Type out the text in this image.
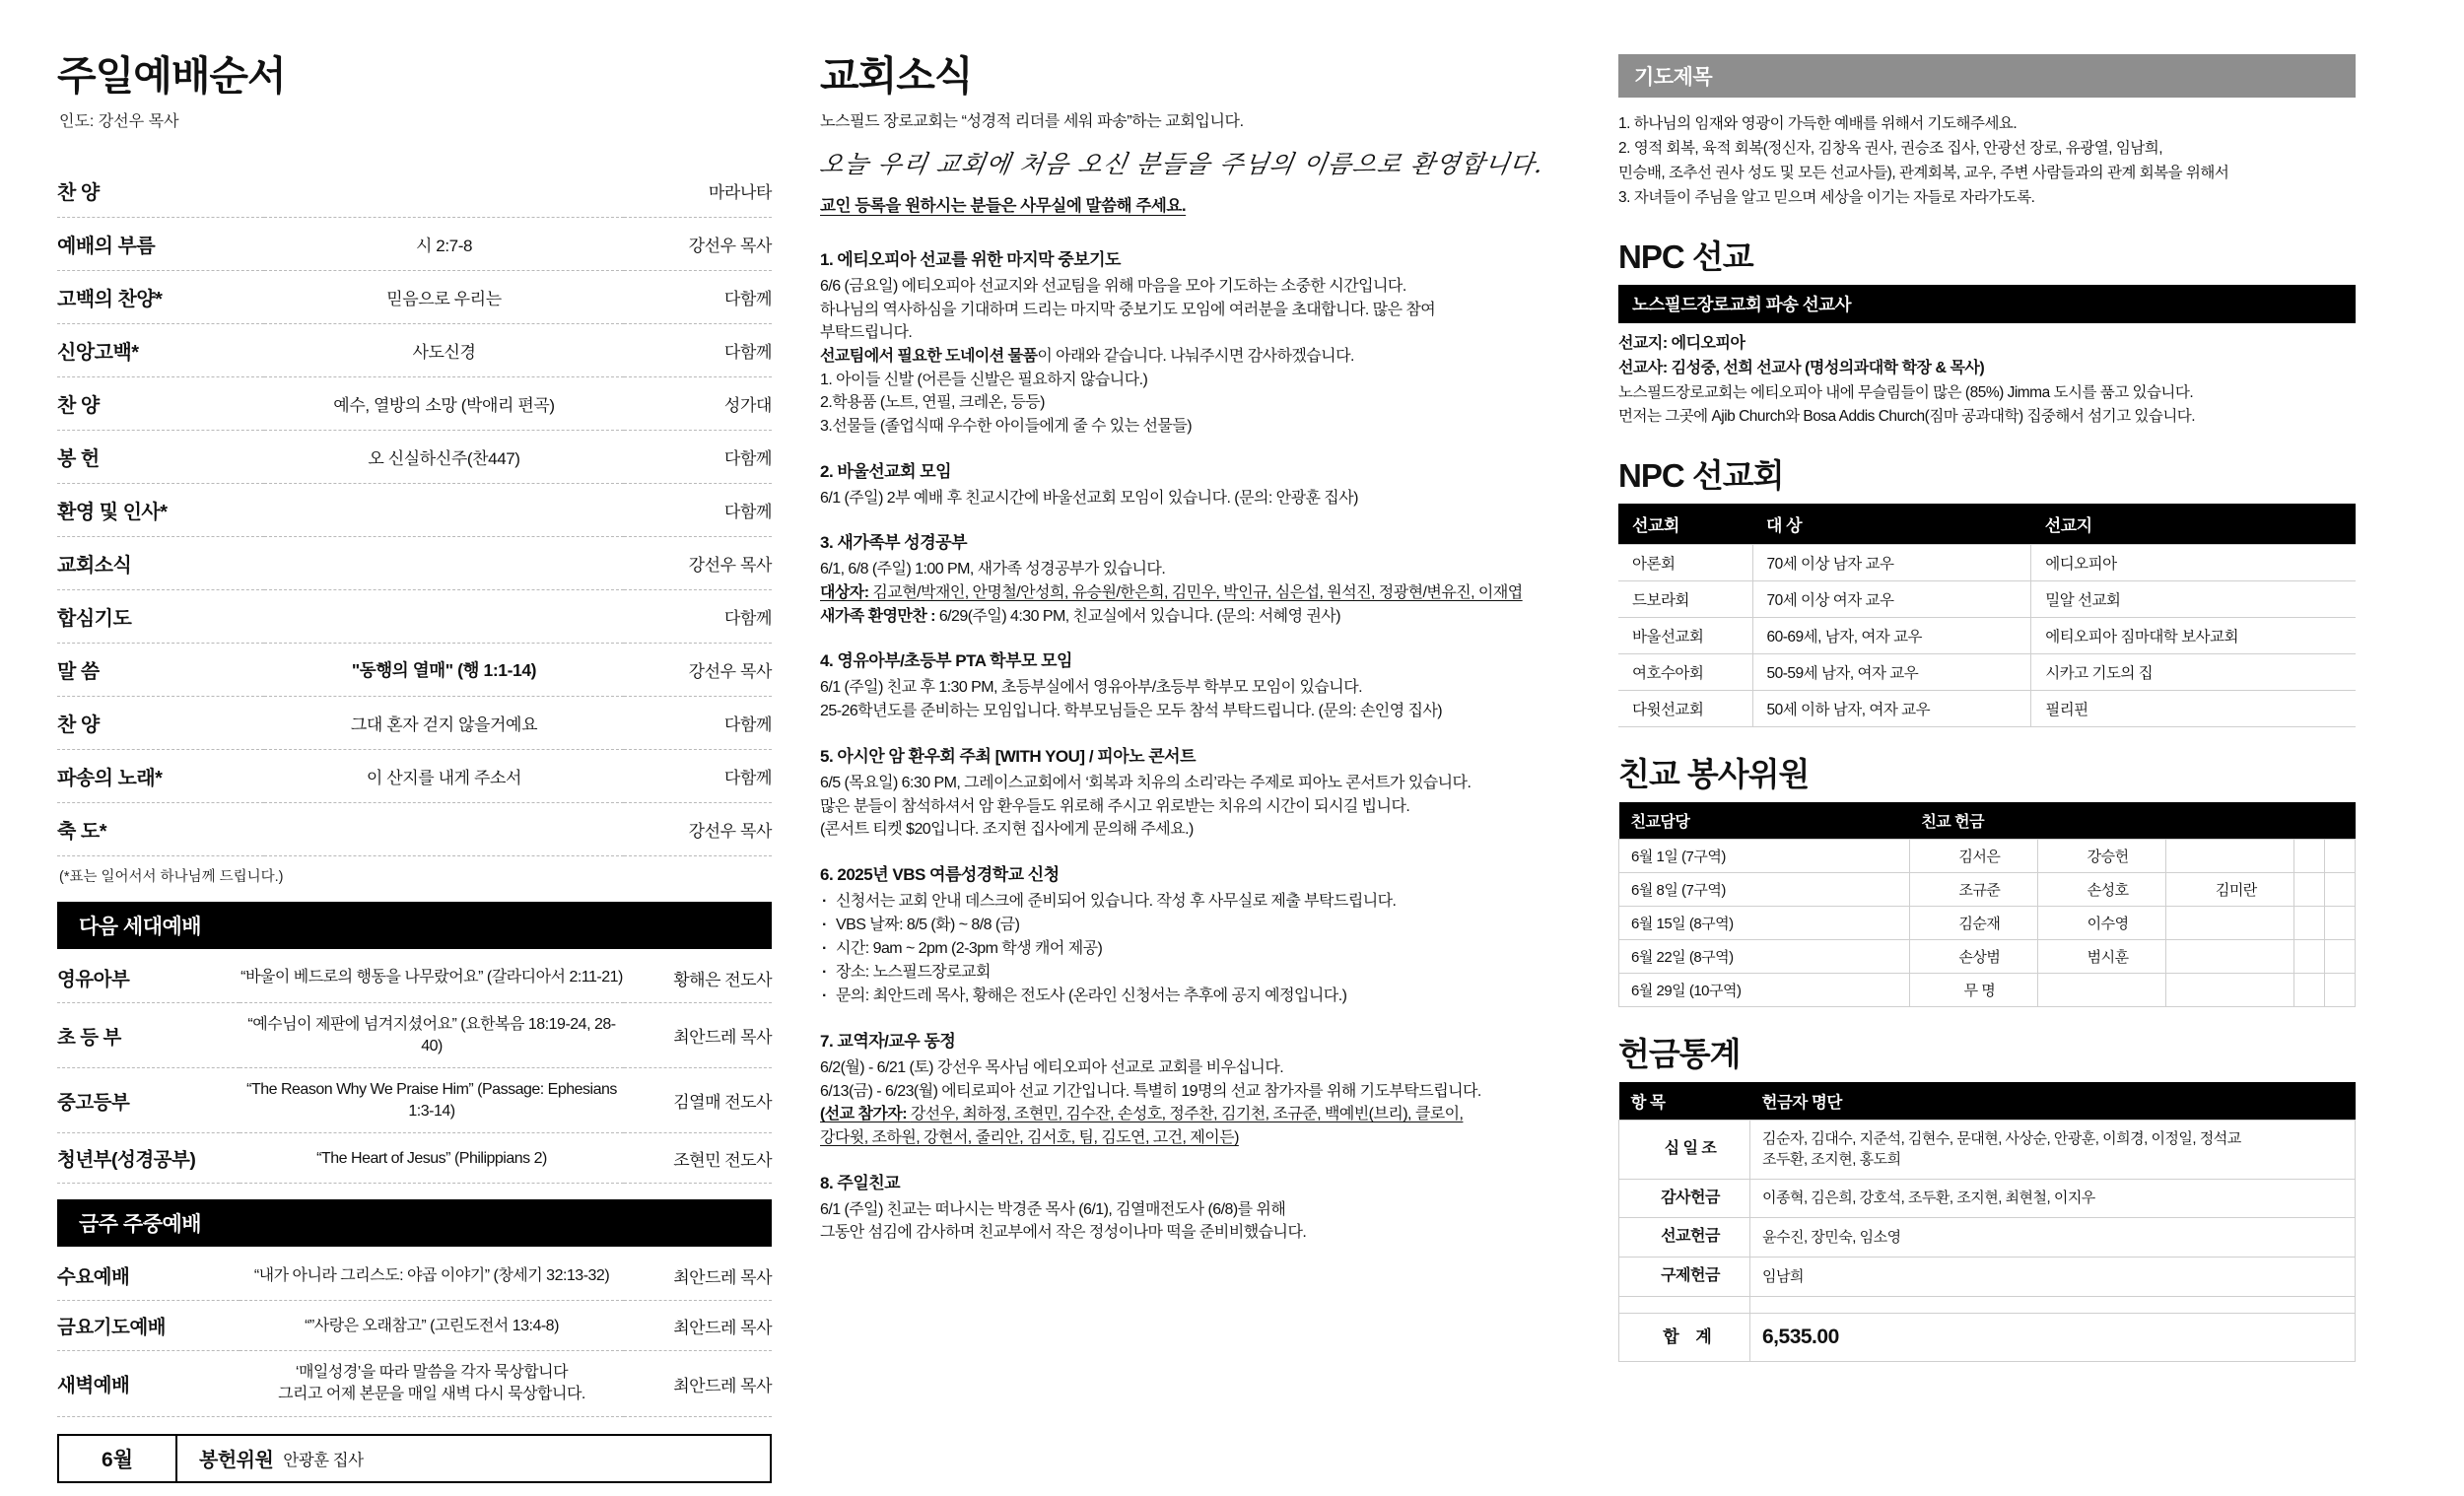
주일예배순서
인도: 강선우 목사
찬 양		마라나타
예배의 부름	시 2:7-8	강선우 목사
고백의 찬양*	믿음으로 우리는	다함께
신앙고백*	사도신경	다함께
찬 양	예수, 열방의 소망 (박애리 편곡)	성가대
봉 헌	오 신실하신주(찬447)	다함께
환영 및 인사*		다함께
교회소식		강선우 목사
합심기도		다함께
말 씀	"동행의 열매" (행 1:1-14)	강선우 목사
찬 양	그대 혼자 걷지 않을거예요	다함께
파송의 노래*	이 산지를 내게 주소서	다함께
축 도*		강선우 목사
(*표는 일어서서 하나님께 드립니다.)
다음 세대예배
영유아부	“바울이 베드로의 행동을 나무랐어요” (갈라디아서 2:11-21)	황해은 전도사
초 등 부	“예수님이 제판에 넘겨지셨어요” (요한복음 18:19-24, 28-40)	최안드레 목사
중고등부	“The Reason Why We Praise Him” (Passage: Ephesians 1:3-14)	김열매 전도사
청년부(성경공부)	“The Heart of Jesus” (Philippians 2)	조현민 전도사
금주 주중예배
수요예배	“내가 아니라 그리스도: 야곱 이야기” (창세기 32:13-32)	최안드레 목사
금요기도예배	“”사랑은 오래참고” (고린도전서 13:4-8)	최안드레 목사
새벽예배	‘매일성경’을 따라 말씀을 각자 묵상합니다
그리고 어제 본문을 매일 새벽 다시 묵상합니다.	최안드레 목사
6월	봉헌위원 안광훈 집사
교회소식

노스필드 장로교회는 “성경적 리더를 세워 파송”하는 교회입니다.

오늘 우리 교회에 처음 오신 분들을 주님의 이름으로 환영합니다.

교인 등록을 원하시는 분들은 사무실에 말씀해 주세요.

1. 에티오피아 선교를 위한 마지막 중보기도

6/6 (금요일) 에티오피아 선교지와 선교팀을 위해 마음을 모아 기도하는 소중한 시간입니다.

하나님의 역사하심을 기대하며 드리는 마지막 중보기도 모임에 여러분을 초대합니다. 많은 참여

부탁드립니다.

선교팀에서 필요한 도네이션 물품이 아래와 같습니다. 나눠주시면 감사하겠습니다.

1. 아이들 신발 (어른들 신발은 필요하지 않습니다.)

2.학용품 (노트, 연필, 크레온, 등등)

3.선물들 (졸업식때 우수한 아이들에게 줄 수 있는 선물들)

2. 바울선교회 모임

6/1 (주일) 2부 예배 후 친교시간에 바울선교회 모임이 있습니다. (문의: 안광훈 집사)

3. 새가족부 성경공부

6/1, 6/8 (주일) 1:00 PM, 새가족 성경공부가 있습니다.

대상자: 김교현/박재인, 안명철/안성희, 유승원/한은희, 김민우, 박인규, 심은섭, 원석진, 정광현/변유진, 이재엽

새가족 환영만찬 : 6/29(주일) 4:30 PM, 친교실에서 있습니다. (문의: 서혜영 권사)

4. 영유아부/초등부 PTA 학부모 모임

6/1 (주일) 친교 후 1:30 PM, 초등부실에서 영유아부/초등부 학부모 모임이 있습니다.

25-26학년도를 준비하는 모임입니다. 학부모님들은 모두 참석 부탁드립니다. (문의: 손인영 집사)

5. 아시안 암 환우회 주최 [WITH YOU] / 피아노 콘서트

6/5 (목요일) 6:30 PM, 그레이스교회에서 ‘회복과 치유의 소리’라는 주제로 피아노 콘서트가 있습니다.

많은 분들이 참석하셔서 암 환우들도 위로해 주시고 위로받는 치유의 시간이 되시길 빕니다.

(콘서트 티켓 $20입니다. 조지현 집사에게 문의해 주세요.)

6. 2025년 VBS 여름성경학교 신청
· 신청서는 교회 안내 데스크에 준비되어 있습니다. 작성 후 사무실로 제출 부탁드립니다.
· VBS 날짜: 8/5 (화) ~ 8/8 (금)
· 시간: 9am ~ 2pm (2-3pm 학생 캐어 제공)
· 장소: 노스필드장로교회
· 문의: 최안드레 목사, 황해은 전도사 (온라인 신청서는 추후에 공지 예정입니다.)
7. 교역자/교우 동정

6/2(월) - 6/21 (토) 강선우 목사님 에티오피아 선교로 교회를 비우십니다.

6/13(금) - 6/23(월) 에티로피아 선교 기간입니다. 특별히 19명의 선교 참가자를 위해 기도부탁드립니다.

(선교 참가자: 강선우, 최하정, 조현민, 김수잔, 손성호, 정주찬, 김기천, 조규준, 백예빈(브리), 클로이,

강다윗, 조하원, 강현서, 줄리안, 김서호, 팀, 김도연, 고건, 제이든)

8. 주일친교

6/1 (주일) 친교는 떠나시는 박경준 목사 (6/1), 김열매전도사 (6/8)를 위해

그동안 섬김에 감사하며 친교부에서 작은 정성이나마 떡을 준비비했습니다.

기도제목

1. 하나님의 임재와 영광이 가득한 예배를 위해서 기도해주세요.

2. 영적 회복, 육적 회복(정신자, 김창옥 권사, 권승조 집사, 안광선 장로, 유광열, 임남희,

민승배, 조추선 권사 성도 및 모든 선교사들), 관계회복, 교우, 주변 사람들과의 관계 회복을 위해서

3. 자녀들이 주님을 알고 믿으며 세상을 이기는 자들로 자라가도록.

NPC 선교
노스필드장로교회 파송 선교사
선교지: 에디오피아
선교사: 김성중, 선희 선교사 (명성의과대학 학장 & 목사)
노스필드장로교회는 에티오피아 내에 무슬림들이 많은 (85%) Jimma 도시를 품고 있습니다.
먼저는 그곳에 Ajib Church와 Bosa Addis Church(짐마 공과대학) 집중해서 섬기고 있습니다.
NPC 선교회
선교회	대 상	선교지
아론회	70세 이상 남자 교우	에디오피아
드보라회	70세 이상 여자 교우	밀알 선교회
바울선교회	60-69세, 남자, 여자 교우	에티오피아 짐마대학 보사교회
여호수아회	50-59세 남자, 여자 교우	시카고 기도의 집
다윗선교회	50세 이하 남자, 여자 교우	필리핀
친교 봉사위원
친교담당	친교 헌금				
6월 1일 (7구역)	김서은	강승헌			
6월 8일 (7구역)	조규준	손성호	김미란		
6월 15일 (8구역)	김순재	이수영			
6월 22일 (8구역)	손상범	범시훈			
6월 29일 (10구역)	무 명				
헌금통계
항 목	헌금자 명단
십 일 조	김순자, 김대수, 지준석, 김현수, 문대현, 사상순, 안광훈, 이희경, 이정일, 정석교
조두환, 조지현, 홍도희
감사헌금	이종혁, 김은희, 강호석, 조두환, 조지현, 최현철, 이지우
선교헌금	윤수진, 장민숙, 임소영
구제헌금	임남희

합 계	6,535.00
